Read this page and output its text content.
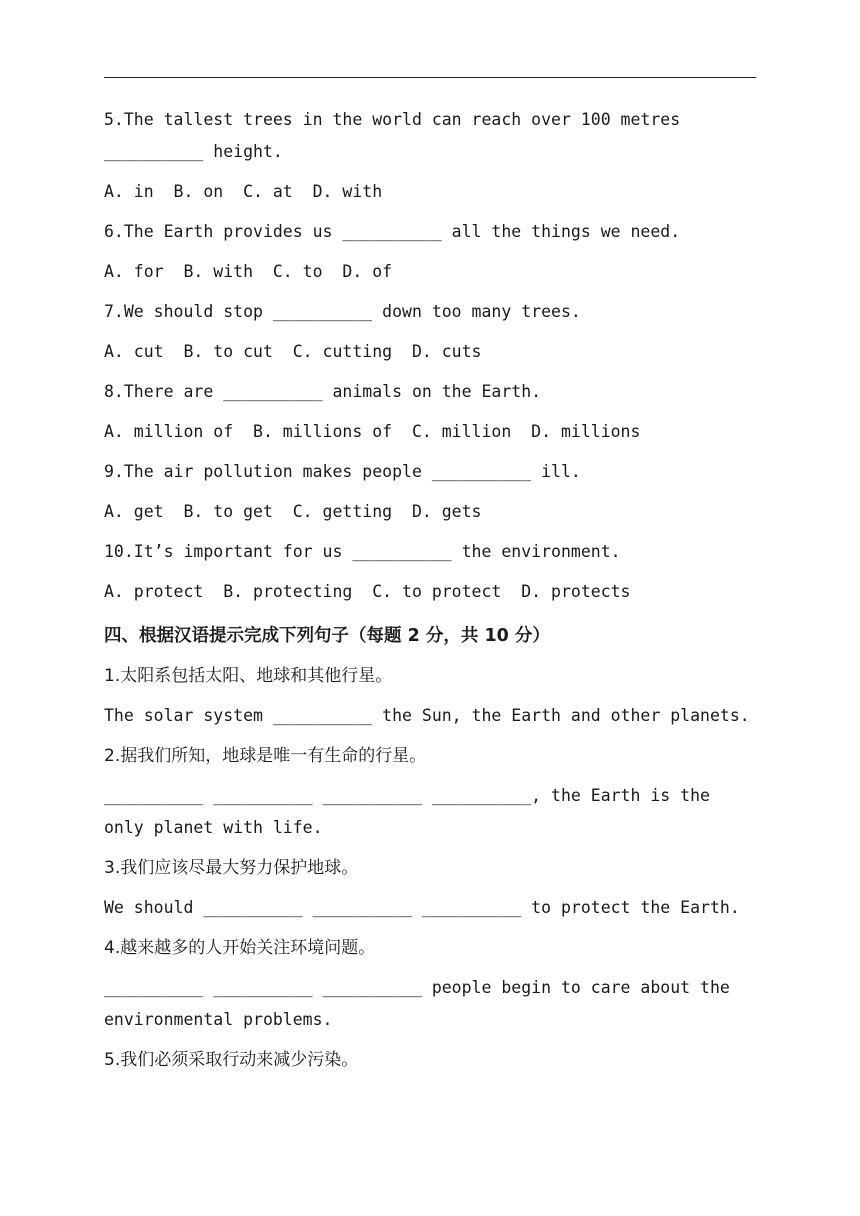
5.The tallest trees in the world can reach over 100 metres
__________ height.
A. in  B. on  C. at  D. with
6.The Earth provides us __________ all the things we need.
A. for  B. with  C. to  D. of
7.We should stop __________ down too many trees.
A. cut  B. to cut  C. cutting  D. cuts
8.There are __________ animals on the Earth.
A. million of  B. millions of  C. million  D. millions
9.The air pollution makes people __________ ill.
A. get  B. to get  C. getting  D. gets
10.It’s important for us __________ the environment.
A. protect  B. protecting  C. to protect  D. protects
四、根据汉语提示完成下列句子（每题 2 分，共 10 分）
1.太阳系包括太阳、地球和其他行星。
The solar system __________ the Sun, the Earth and other planets.
2.据我们所知，地球是唯一有生命的行星。
__________ __________ __________ __________, the Earth is the
only planet with life.
3.我们应该尽最大努力保护地球。
We should __________ __________ __________ to protect the Earth.
4.越来越多的人开始关注环境问题。
__________ __________ __________ people begin to care about the
environmental problems.
5.我们必须采取行动来减少污染。
